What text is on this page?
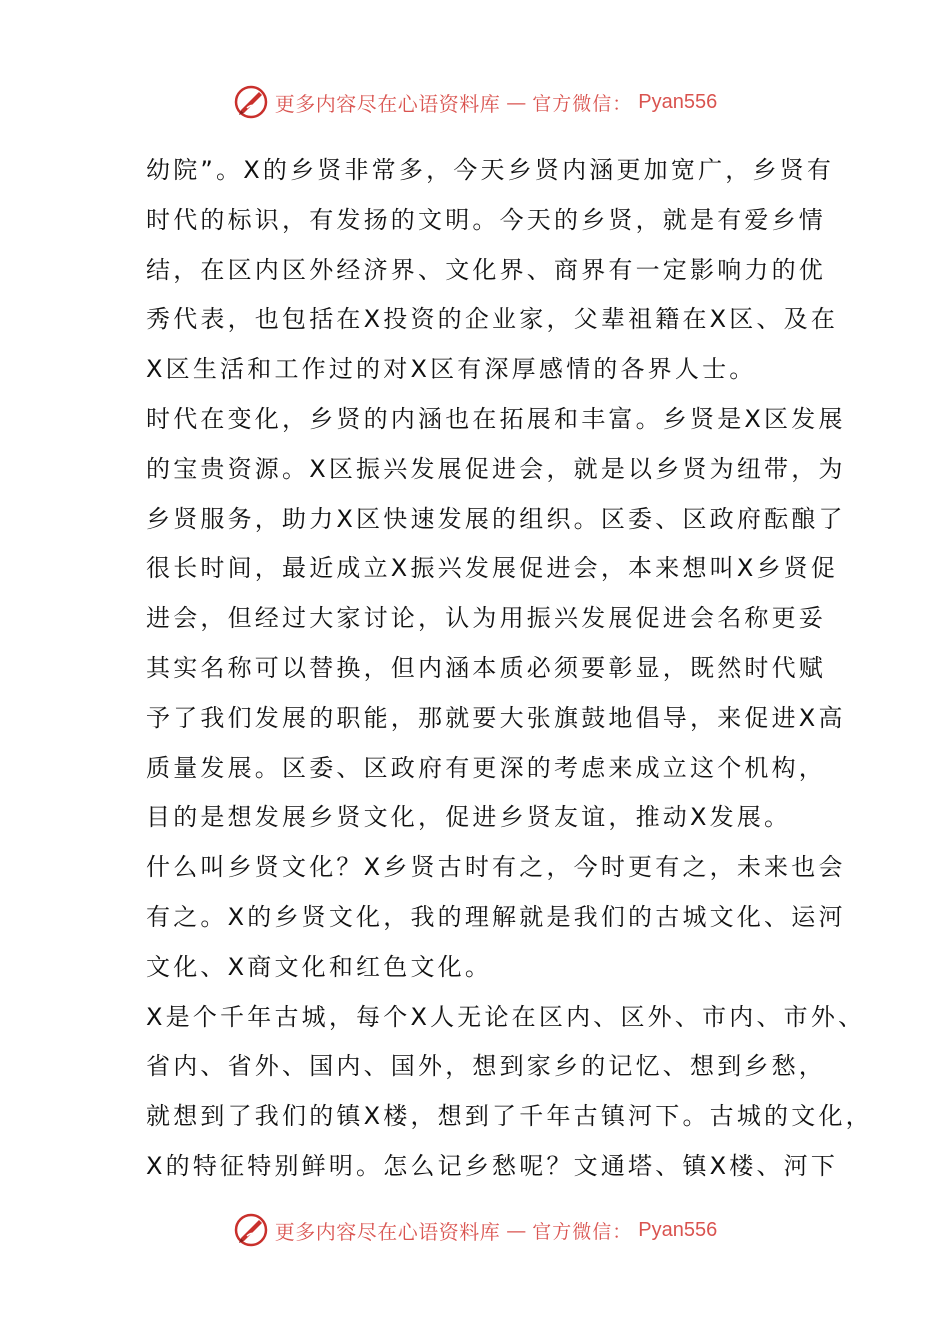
更多内容尽在心语资料库 — 官方微信： Pyan556
幼院”。X的乡贤非常多，今天乡贤内涵更加宽广，乡贤有
时代的标识，有发扬的文明。今天的乡贤，就是有爱乡情
结，在区内区外经济界、文化界、商界有一定影响力的优
秀代表，也包括在X投资的企业家，父辈祖籍在X区、及在
X区生活和工作过的对X区有深厚感情的各界人士。
时代在变化，乡贤的内涵也在拓展和丰富。乡贤是X区发展
的宝贵资源。X区振兴发展促进会，就是以乡贤为纽带，为
乡贤服务，助力X区快速发展的组织。区委、区政府酝酿了
很长时间，最近成立X振兴发展促进会，本来想叫X乡贤促
进会，但经过大家讨论，认为用振兴发展促进会名称更妥
其实名称可以替换，但内涵本质必须要彰显，既然时代赋
予了我们发展的职能，那就要大张旗鼓地倡导，来促进X高
质量发展。区委、区政府有更深的考虑来成立这个机构，
目的是想发展乡贤文化，促进乡贤友谊，推动X发展。
什么叫乡贤文化？X乡贤古时有之，今时更有之，未来也会
有之。X的乡贤文化，我的理解就是我们的古城文化、运河
文化、X商文化和红色文化。
X是个千年古城，每个X人无论在区内、区外、市内、市外、
省内、省外、国内、国外，想到家乡的记忆、想到乡愁，
就想到了我们的镇X楼，想到了千年古镇河下。古城的文化，
X的特征特别鲜明。怎么记乡愁呢？文通塔、镇X楼、河下
更多内容尽在心语资料库 — 官方微信： Pyan556
